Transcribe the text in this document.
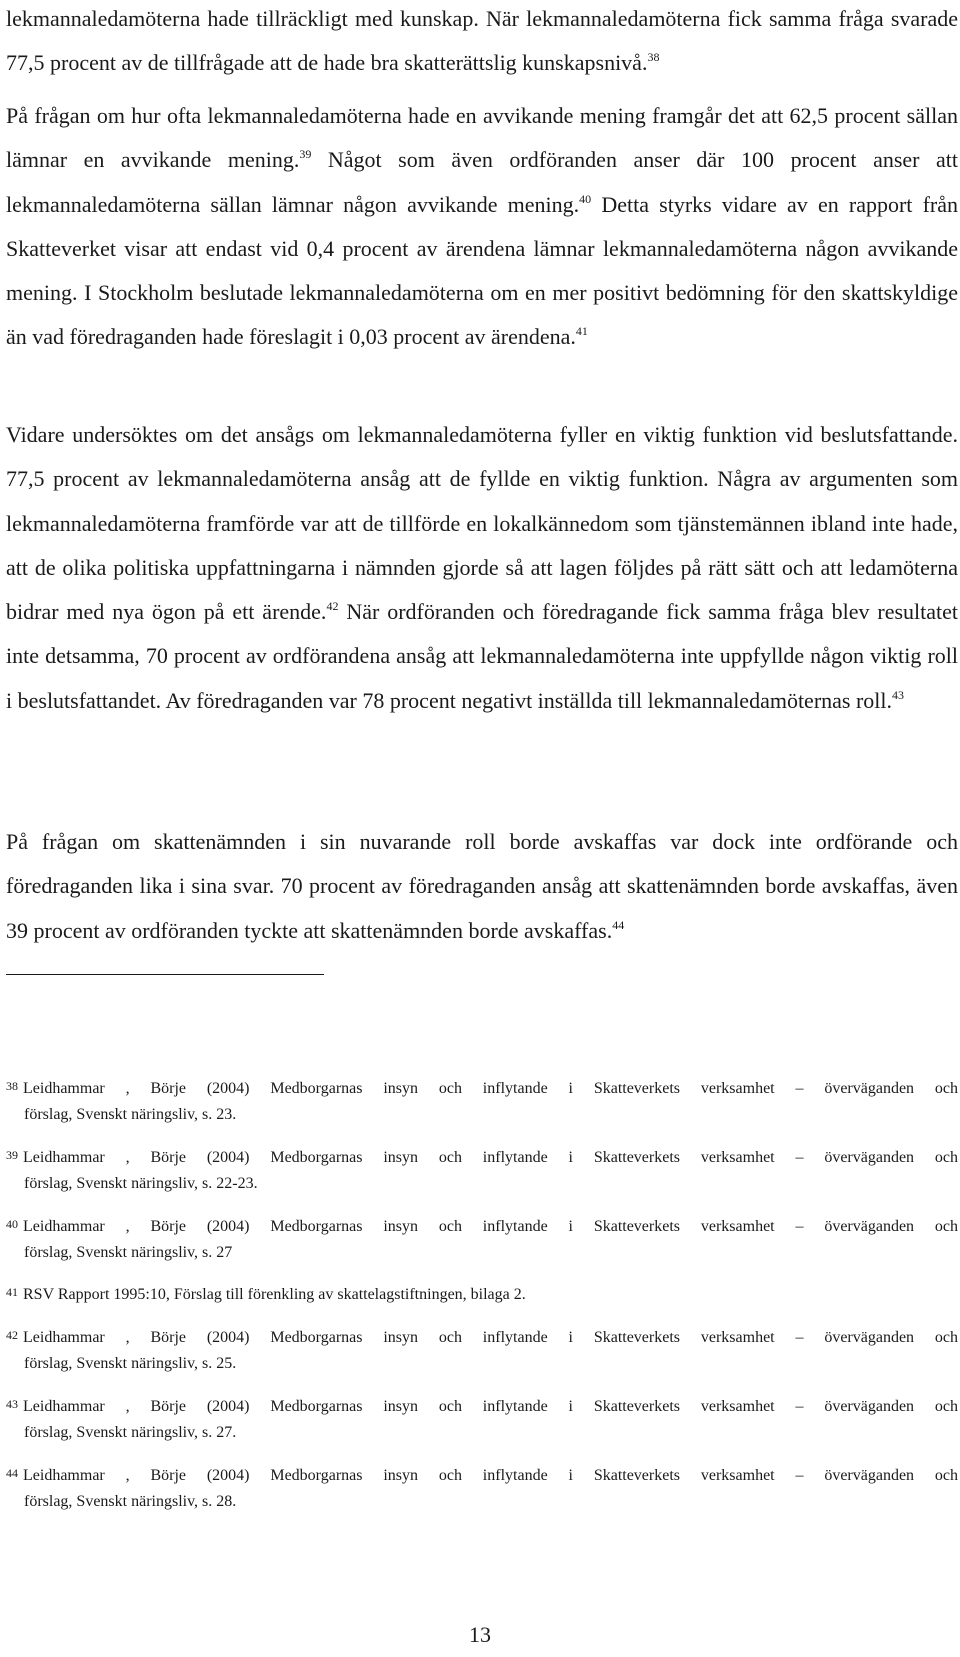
lekmannaledamöterna hade tillräckligt med kunskap. När lekmannaledamöterna fick samma fråga svarade 77,5 procent av de tillfrågade att de hade bra skatterättslig kunskapsnivå.$^{38}$

På frågan om hur ofta lekmannaledamöterna hade en avvikande mening framgår det att 62,5 procent sällan lämnar en avvikande mening.$^{39}$ Något som även ordföranden anser där 100 procent anser att lekmannaledamöterna sällan lämnar någon avvikande mening.$^{40}$ Detta styrks vidare av en rapport från Skatteverket visar att endast vid 0,4 procent av ärendena lämnar lekmannaledamöterna någon avvikande mening. I Stockholm beslutade lekmannaledamöterna om en mer positivt bedömning för den skattskyldige än vad föredraganden hade föreslagit i 0,03 procent av ärendena.$^{41}$

Vidare undersöktes om det ansågs om lekmannaledamöterna fyller en viktig funktion vid beslutsfattande. 77,5 procent av lekmannaledamöterna ansåg att de fyllde en viktig funktion. Några av argumenten som lekmannaledamöterna framförde var att de tillförde en lokalkännedom som tjänstemännen ibland inte hade, att de olika politiska uppfattningarna i nämnden gjorde så att lagen följdes på rätt sätt och att ledamöterna bidrar med nya ögon på ett ärende.$^{42}$ När ordföranden och föredragande fick samma fråga blev resultatet inte detsamma, 70 procent av ordförandena ansåg att lekmannaledamöterna inte uppfyllde någon viktig roll i beslutsfattandet. Av föredraganden var 78 procent negativt inställda till lekmannaledamöternas roll.$^{43}$

På frågan om skattenämnden i sin nuvarande roll borde avskaffas var dock inte ordförande och föredraganden lika i sina svar. 70 procent av föredraganden ansåg att skattenämnden borde avskaffas, även 39 procent av ordföranden tyckte att skattenämnden borde avskaffas.$^{44}$

38 Leidhammar , Börje (2004) Medborgarnas insyn och inflytande i Skatteverkets verksamhet – överväganden och
förslag, Svenskt näringsliv, s. 23.

39 Leidhammar , Börje (2004) Medborgarnas insyn och inflytande i Skatteverkets verksamhet – överväganden och
förslag, Svenskt näringsliv, s. 22-23.

40 Leidhammar , Börje (2004) Medborgarnas insyn och inflytande i Skatteverkets verksamhet – överväganden och
förslag, Svenskt näringsliv, s. 27

41 RSV Rapport 1995:10, Förslag till förenkling av skattelagstiftningen, bilaga 2.

42 Leidhammar , Börje (2004) Medborgarnas insyn och inflytande i Skatteverkets verksamhet – överväganden och
förslag, Svenskt näringsliv, s. 25.

43 Leidhammar , Börje (2004) Medborgarnas insyn och inflytande i Skatteverkets verksamhet – överväganden och
förslag, Svenskt näringsliv, s. 27.

44 Leidhammar , Börje (2004) Medborgarnas insyn och inflytande i Skatteverkets verksamhet – överväganden och
förslag, Svenskt näringsliv, s. 28.

13
